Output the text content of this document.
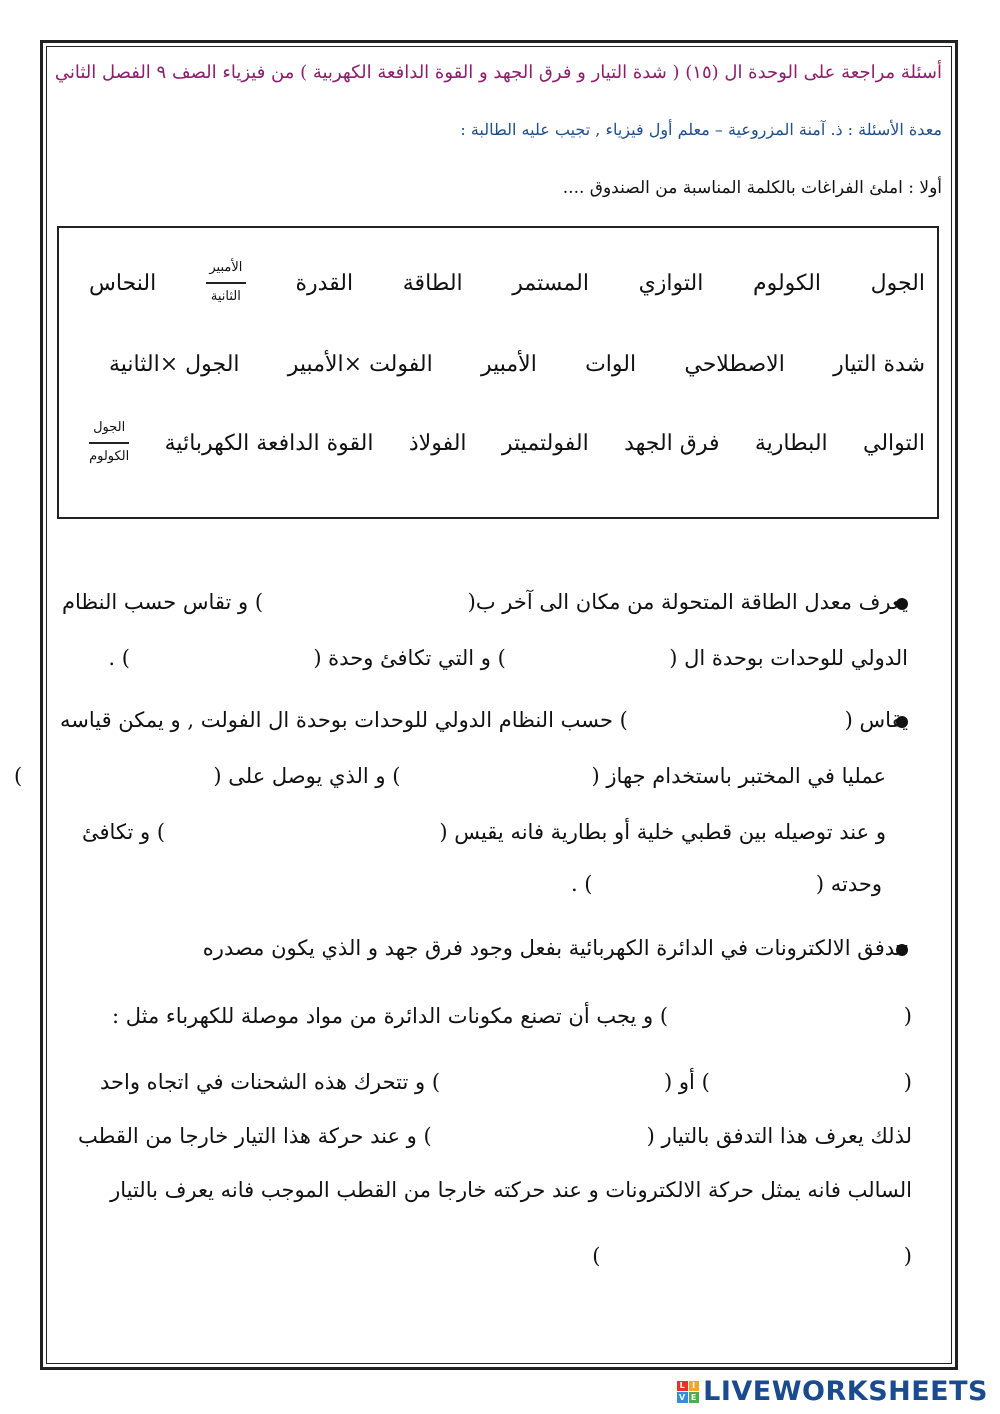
أسئلة مراجعة على الوحدة ال (١٥) ( شدة التيار و فرق الجهد و القوة الدافعة الكهربية ) من فيزياء الصف ٩ الفصل الثاني
معدة الأسئلة : ذ. آمنة المزروعية – معلم أول فيزياء , تجيب عليه الطالبة :
أولا : املئ الفراغات بالكلمة المناسبة من الصندوق ....
الجول
الكولوم
التوازي
المستمر
الطاقة
القدرة
$\frac{\text{الأمبير}}{\text{الثانية}}$
النحاس
شدة التيار
الاصطلاحي
الوات
الأمبير
الفولت ×الأمبير
الجول ×الثانية
التوالي
البطارية
فرق الجهد
الفولتميتر
الفولاذ
القوة الدافعة الكهربائية
$\frac{\text{الجول}}{\text{الكولوم}}$
يعرف معدل الطاقة المتحولة من مكان الى آخر ب(
) و تقاس حسب النظام
الدولي للوحدات بوحدة ال (  ) و التي تكافئ وحدة (  ) .
يقاس (
) حسب النظام الدولي للوحدات بوحدة ال الفولت , و يمكن قياسه
عمليا في المختبر باستخدام جهاز (
) و الذي يوصل على (
)
و عند توصيله بين قطبي خلية أو بطارية فانه يقيس (
) و تكافئ
وحدته (  ) .
تتدفق الالكترونات في الدائرة الكهربائية بفعل وجود فرق جهد و الذي يكون مصدره
(
) و يجب أن تصنع مكونات الدائرة من مواد موصلة للكهرباء مثل :
(
) أو (
) و تتحرك هذه الشحنات في اتجاه واحد
لذلك يعرف هذا التدفق بالتيار (
) و عند حركة هذا التيار خارجا من القطب
السالب فانه يمثل حركة الالكترونات و عند حركته خارجا من القطب الموجب فانه يعرف بالتيار
(  )
L I
V E LIVEWORKSHEETS
